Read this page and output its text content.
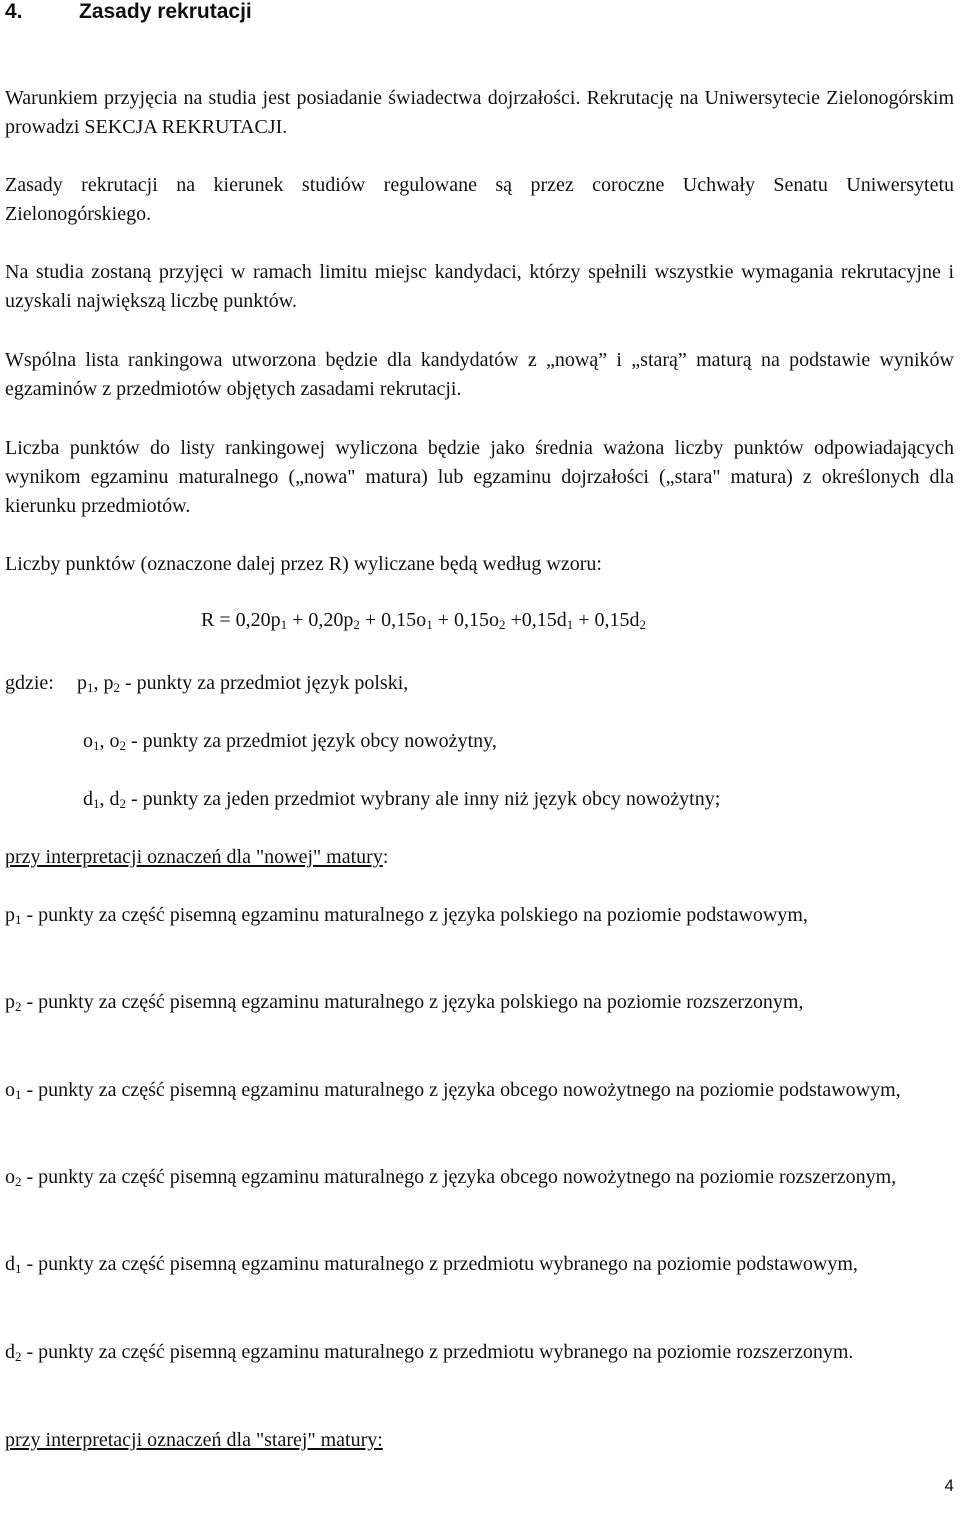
4.	Zasady rekrutacji
Warunkiem przyjęcia na studia jest posiadanie świadectwa dojrzałości. Rekrutację na Uniwersytecie Zielonogórskim prowadzi SEKCJA REKRUTACJI.
Zasady rekrutacji na kierunek studiów regulowane są przez coroczne Uchwały Senatu Uniwersytetu Zielonogórskiego.
Na studia zostaną przyjęci w ramach limitu miejsc kandydaci, którzy spełnili wszystkie wymagania rekrutacyjne i uzyskali największą liczbę punktów.
Wspólna lista rankingowa utworzona będzie dla kandydatów z „nową” i „starą” maturą na podstawie wyników egzaminów z przedmiotów objętych zasadami rekrutacji.
Liczba punktów do listy rankingowej wyliczona będzie jako średnia ważona liczby punktów odpowiadających wynikom egzaminu maturalnego („nowa" matura) lub egzaminu dojrzałości („stara" matura) z określonych dla kierunku przedmiotów.
Liczby punktów (oznaczone dalej przez R) wyliczane będą według wzoru:
$R = 0,20p_1 + 0,20p_2 + 0,15o_1 + 0,15o_2 +0,15d_1 + 0,15d_2$
gdzie: $p_1$, $p_2$ - punkty za przedmiot język polski,
$o_1$, $o_2$ - punkty za przedmiot język obcy nowożytny,
$d_1$, $d_2$ - punkty za jeden przedmiot wybrany ale inny niż język obcy nowożytny;
przy interpretacji oznaczeń dla "nowej" matury:
$p_1$ - punkty za część pisemną egzaminu maturalnego z języka polskiego na poziomie podstawowym,
$p_2$ - punkty za część pisemną egzaminu maturalnego z języka polskiego na poziomie rozszerzonym,
$o_1$ - punkty za część pisemną egzaminu maturalnego z języka obcego nowożytnego na poziomie podstawowym,
$o_2$ - punkty za część pisemną egzaminu maturalnego z języka obcego nowożytnego na poziomie rozszerzonym,
$d_1$ - punkty za część pisemną egzaminu maturalnego z przedmiotu wybranego na poziomie podstawowym,
$d_2$ - punkty za część pisemną egzaminu maturalnego z przedmiotu wybranego na poziomie rozszerzonym.
przy interpretacji oznaczeń dla "starej" matury:
4
